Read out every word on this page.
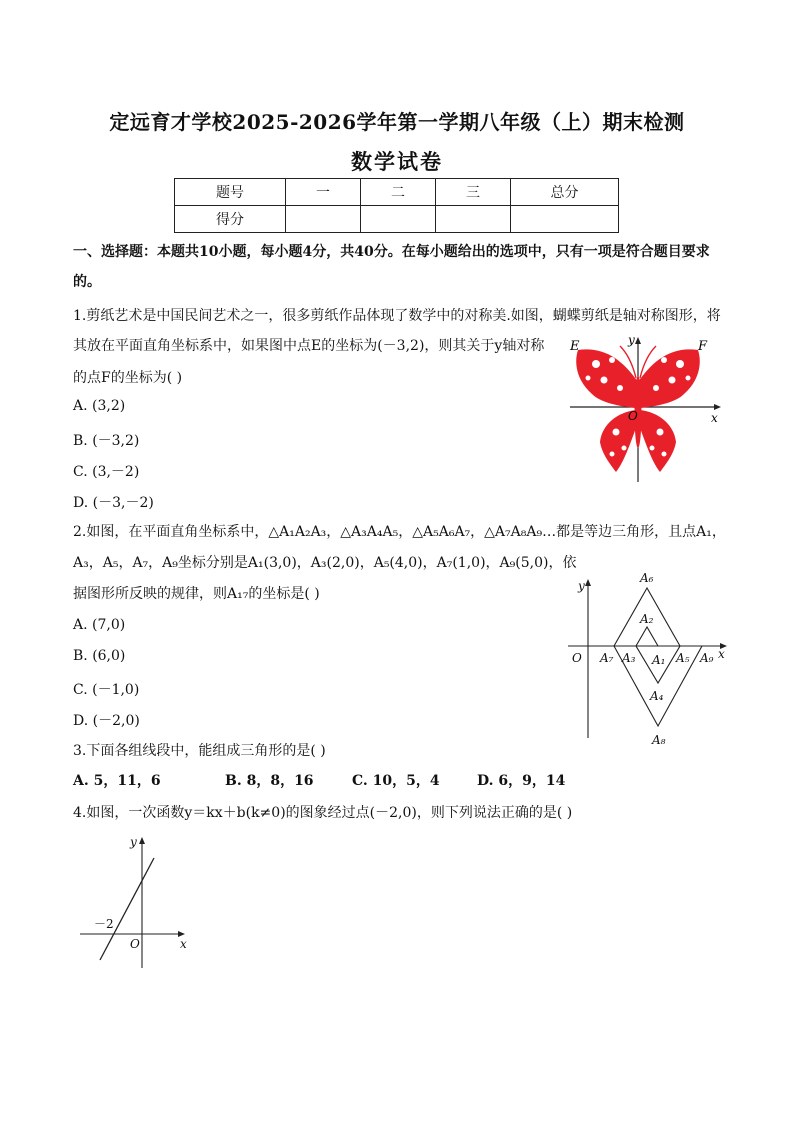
定远育才学校2025-2026学年第一学期八年级（上）期末检测
数学试卷
题号	一	二	三	总分
得分				
一、选择题：本题共10小题，每小题4分，共40分。在每小题给出的选项中，只有一项是符合题目要求
的。
1.剪纸艺术是中国民间艺术之一，很多剪纸作品体现了数学中的对称美.如图，蝴蝶剪纸是轴对称图形，将
其放在平面直角坐标系中，如果图中点E的坐标为(－3,2)，则其关于y轴对称
的点F的坐标为( )
A. (3,2)
B. (－3,2)
C. (3,－2)
D. (－3,－2)
E	F
O	x
y
2.如图，在平面直角坐标系中，△A₁A₂A₃，△A₃A₄A₅，△A₅A₆A₇，△A₇A₈A₉…都是等边三角形，且点A₁，
A₃，A₅，A₇，A₉坐标分别是A₁(3,0)，A₃(2,0)，A₅(4,0)，A₇(1,0)，A₉(5,0)，依
据图形所反映的规律，则A₁₇的坐标是( )
A. (7,0)
B. (6,0)
C. (－1,0)
D. (－2,0)
A₆
A₂
A₇ A₃ A₁ A₅ A₉
A₄
A₈
O	x
y
3.下面各组线段中，能组成三角形的是( )
A. 5，11，6	B. 8，8，16	C. 10，5，4	D. 6，9，14
4.如图，一次函数y＝kx＋b(k≠0)的图象经过点(－2,0)，则下列说法正确的是( )
－2
O	x
y
